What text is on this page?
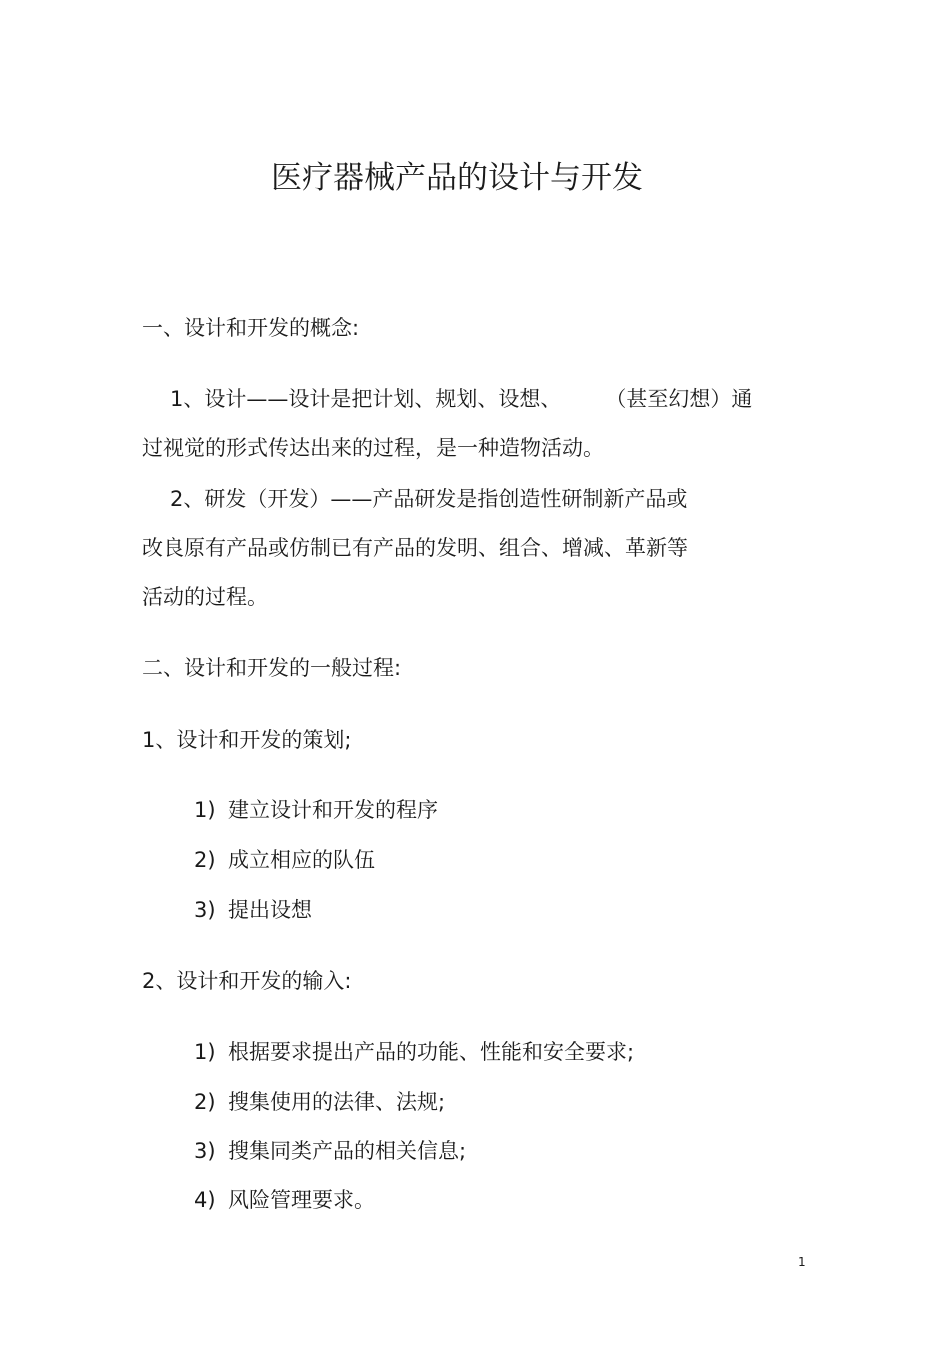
医疗器械产品的设计与开发
一、设计和开发的概念:
1、设计——设计是把计划、规划、设想、 （甚至幻想）通
过视觉的形式传达出来的过程，是一种造物活动。
2、研发（开发）——产品研发是指创造性研制新产品或
改良原有产品或仿制已有产品的发明、组合、增减、革新等
活动的过程。
二、设计和开发的一般过程:
1、设计和开发的策划;
1) 建立设计和开发的程序
2) 成立相应的队伍
3) 提出设想
2、设计和开发的输入:
1) 根据要求提出产品的功能、性能和安全要求;
2) 搜集使用的法律、法规;
3) 搜集同类产品的相关信息;
4) 风险管理要求。
1
